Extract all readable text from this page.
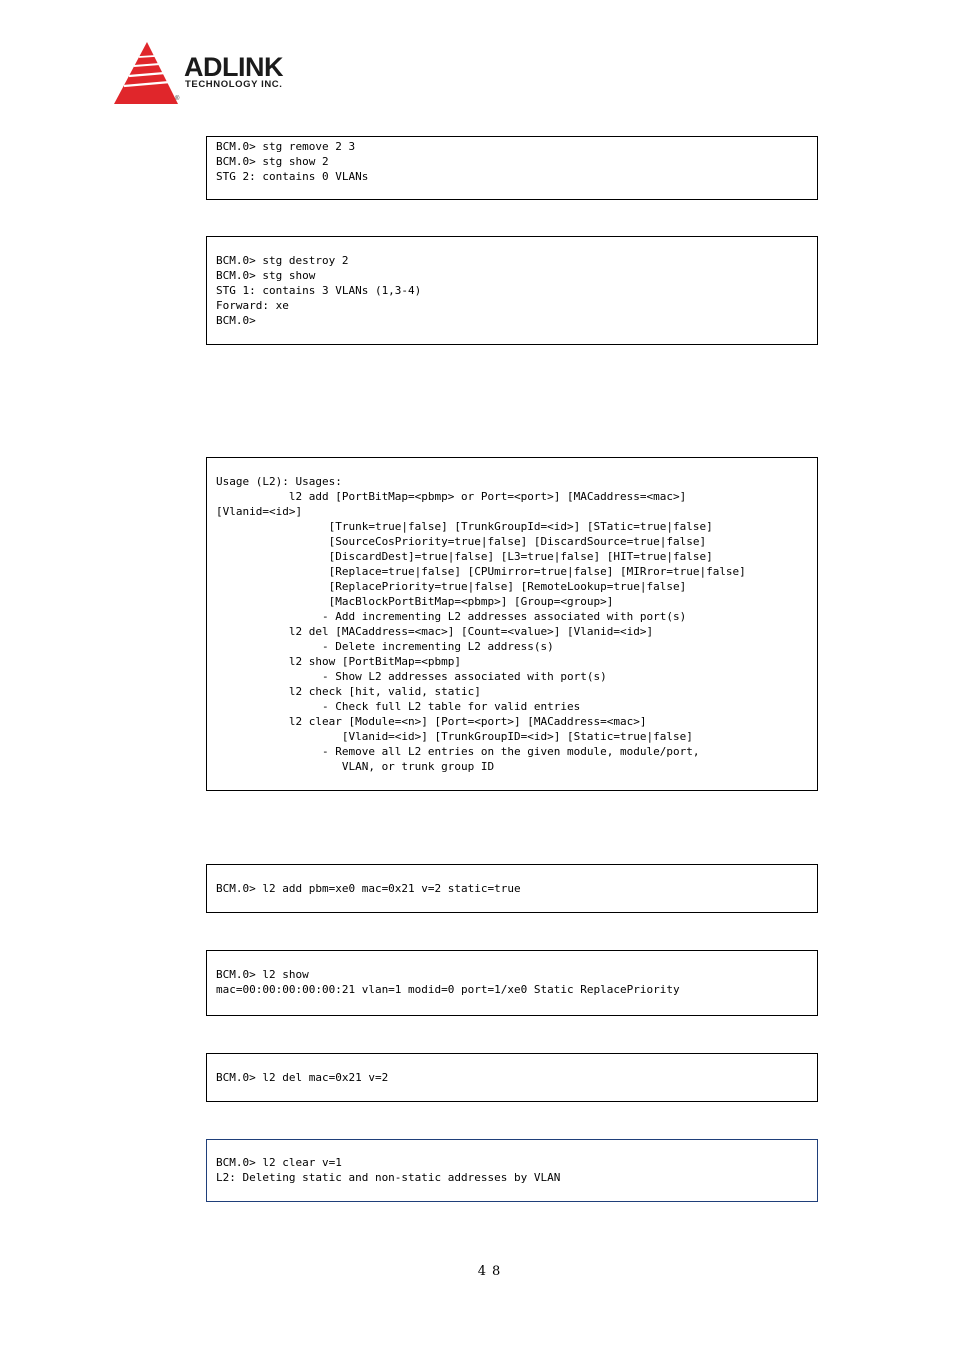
ADLINK
TECHNOLOGY INC.
®
BCM.0> stg remove 2 3
BCM.0> stg show 2
STG 2: contains 0 VLANs
BCM.0> stg destroy 2
BCM.0> stg show
STG 1: contains 3 VLANs (1,3-4)
Forward: xe
BCM.0>
Usage (L2): Usages:
l2 add [PortBitMap=<pbmp> or Port=<port>] [MACaddress=<mac>]
[Vlanid=<id>]
[Trunk=true|false] [TrunkGroupId=<id>] [STatic=true|false]
[SourceCosPriority=true|false] [DiscardSource=true|false]
[DiscardDest]=true|false] [L3=true|false] [HIT=true|false]
[Replace=true|false] [CPUmirror=true|false] [MIRror=true|false]
[ReplacePriority=true|false] [RemoteLookup=true|false]
[MacBlockPortBitMap=<pbmp>] [Group=<group>]
- Add incrementing L2 addresses associated with port(s)
l2 del [MACaddress=<mac>] [Count=<value>] [Vlanid=<id>]
- Delete incrementing L2 address(s)
l2 show [PortBitMap=<pbmp]
- Show L2 addresses associated with port(s)
l2 check [hit, valid, static]
- Check full L2 table for valid entries
l2 clear [Module=<n>] [Port=<port>] [MACaddress=<mac>]
[Vlanid=<id>] [TrunkGroupID=<id>] [Static=true|false]
- Remove all L2 entries on the given module, module/port,
VLAN, or trunk group ID
BCM.0> l2 add pbm=xe0 mac=0x21 v=2 static=true
BCM.0> l2 show
mac=00:00:00:00:00:21 vlan=1 modid=0 port=1/xe0 Static ReplacePriority
BCM.0> l2 del mac=0x21 v=2
BCM.0> l2 clear v=1
L2: Deleting static and non-static addresses by VLAN
48
